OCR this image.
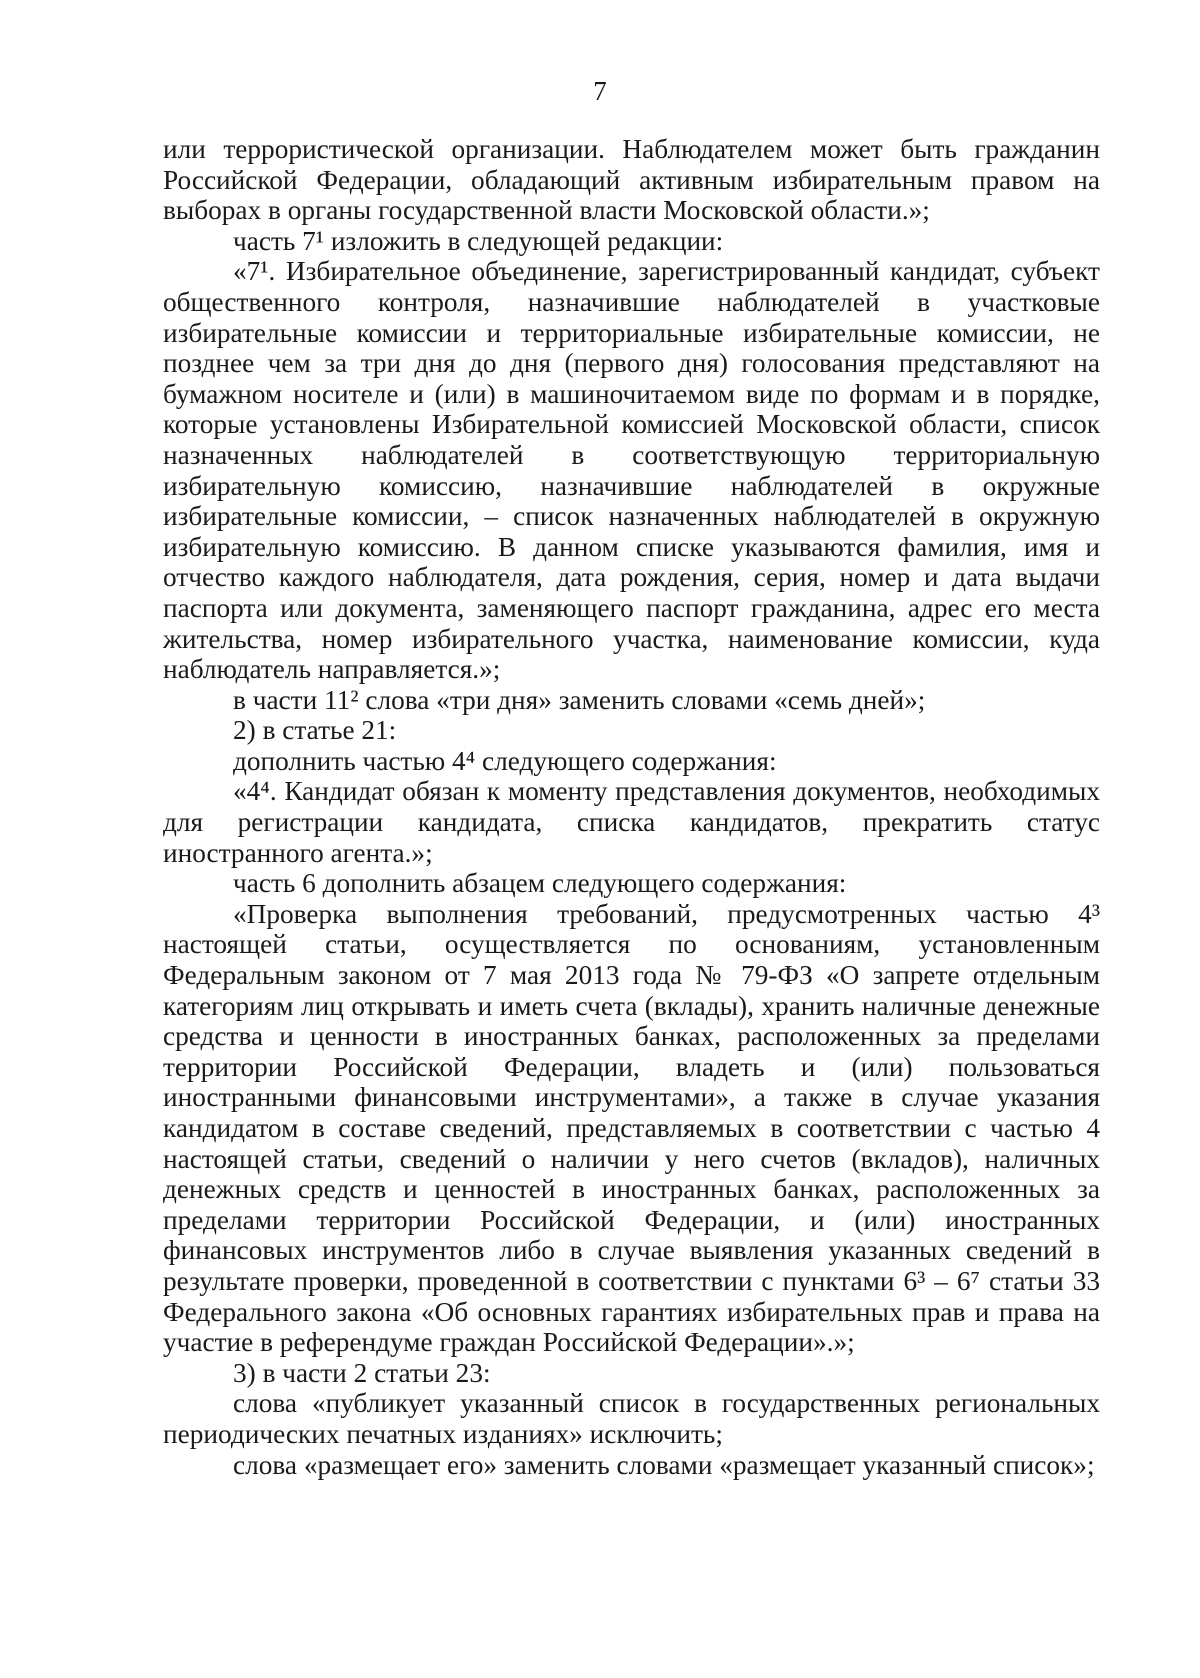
7

или террористической организации. Наблюдателем может быть гражданин Российской Федерации, обладающий активным избирательным правом на выборах в органы государственной власти Московской области.»;

часть 7¹ изложить в следующей редакции:

«7¹. Избирательное объединение, зарегистрированный кандидат, субъект общественного контроля, назначившие наблюдателей в участковые избирательные комиссии и территориальные избирательные комиссии, не позднее чем за три дня до дня (первого дня) голосования представляют на бумажном носителе и (или) в машиночитаемом виде по формам и в порядке, которые установлены Избирательной комиссией Московской области, список назначенных наблюдателей в соответствующую территориальную избирательную комиссию, назначившие наблюдателей в окружные избирательные комиссии, – список назначенных наблюдателей в окружную избирательную комиссию. В данном списке указываются фамилия, имя и отчество каждого наблюдателя, дата рождения, серия, номер и дата выдачи паспорта или документа, заменяющего паспорт гражданина, адрес его места жительства, номер избирательного участка, наименование комиссии, куда наблюдатель направляется.»;

в части 11² слова «три дня» заменить словами «семь дней»;

2) в статье 21:

дополнить частью 4⁴ следующего содержания:

«4⁴. Кандидат обязан к моменту представления документов, необходимых для регистрации кандидата, списка кандидатов, прекратить статус иностранного агента.»;

часть 6 дополнить абзацем следующего содержания:

«Проверка выполнения требований, предусмотренных частью 4³ настоящей статьи, осуществляется по основаниям, установленным Федеральным законом от 7 мая 2013 года № 79-ФЗ «О запрете отдельным категориям лиц открывать и иметь счета (вклады), хранить наличные денежные средства и ценности в иностранных банках, расположенных за пределами территории Российской Федерации, владеть и (или) пользоваться иностранными финансовыми инструментами», а также в случае указания кандидатом в составе сведений, представляемых в соответствии с частью 4 настоящей статьи, сведений о наличии у него счетов (вкладов), наличных денежных средств и ценностей в иностранных банках, расположенных за пределами территории Российской Федерации, и (или) иностранных финансовых инструментов либо в случае выявления указанных сведений в результате проверки, проведенной в соответствии с пунктами 6³ – 6⁷ статьи 33 Федерального закона «Об основных гарантиях избирательных прав и права на участие в референдуме граждан Российской Федерации».»;

3) в части 2 статьи 23:

слова «публикует указанный список в государственных региональных периодических печатных изданиях» исключить;

слова «размещает его» заменить словами «размещает указанный список»;
